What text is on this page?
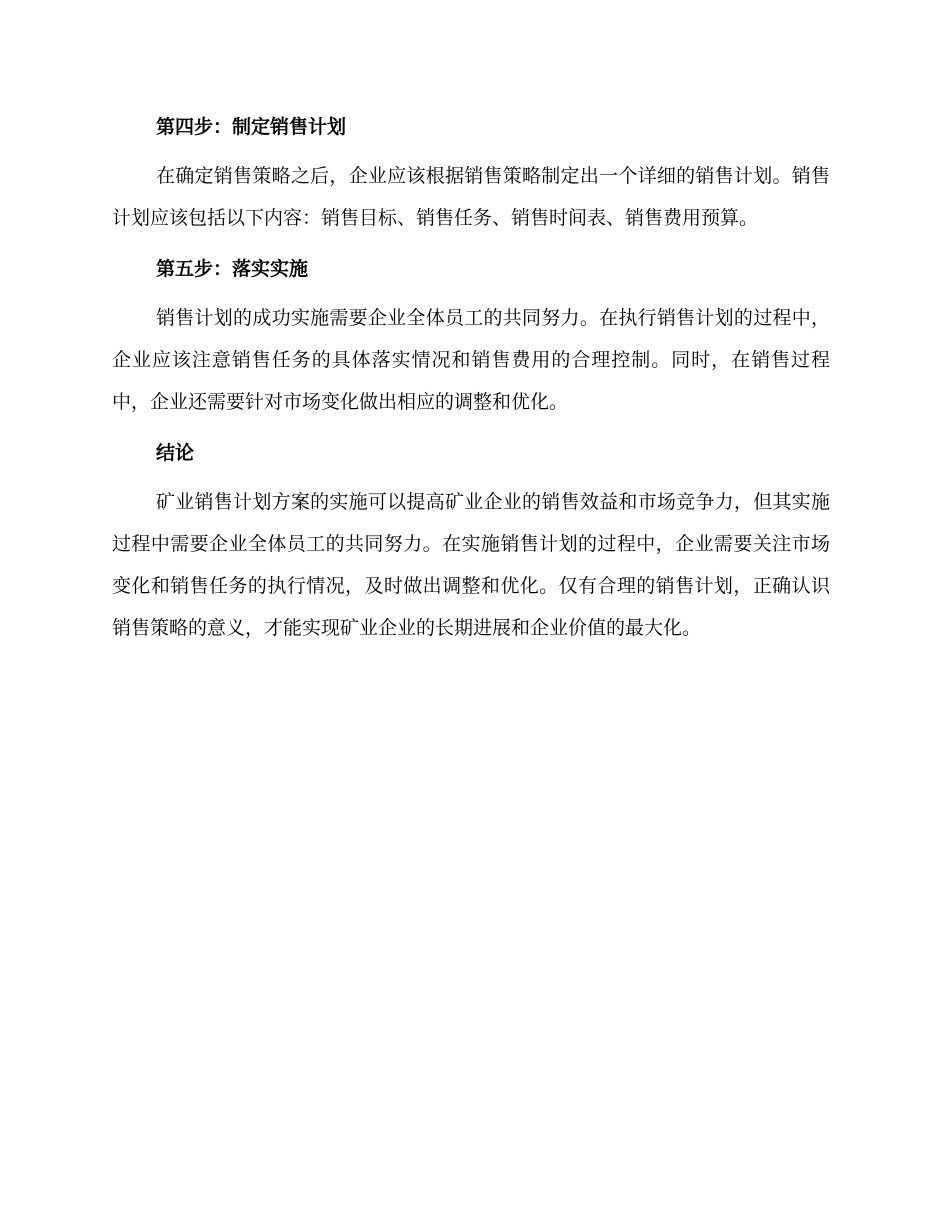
第四步：制定销售计划

在确定销售策略之后，企业应该根据销售策略制定出一个详细的销售计划。销售计划应该包括以下内容：销售目标、销售任务、销售时间表、销售费用预算。

第五步：落实实施

销售计划的成功实施需要企业全体员工的共同努力。在执行销售计划的过程中，企业应该注意销售任务的具体落实情况和销售费用的合理控制。同时，在销售过程中，企业还需要针对市场变化做出相应的调整和优化。

结论

矿业销售计划方案的实施可以提高矿业企业的销售效益和市场竞争力，但其实施过程中需要企业全体员工的共同努力。在实施销售计划的过程中，企业需要关注市场变化和销售任务的执行情况，及时做出调整和优化。仅有合理的销售计划，正确认识销售策略的意义，才能实现矿业企业的长期进展和企业价值的最大化。
